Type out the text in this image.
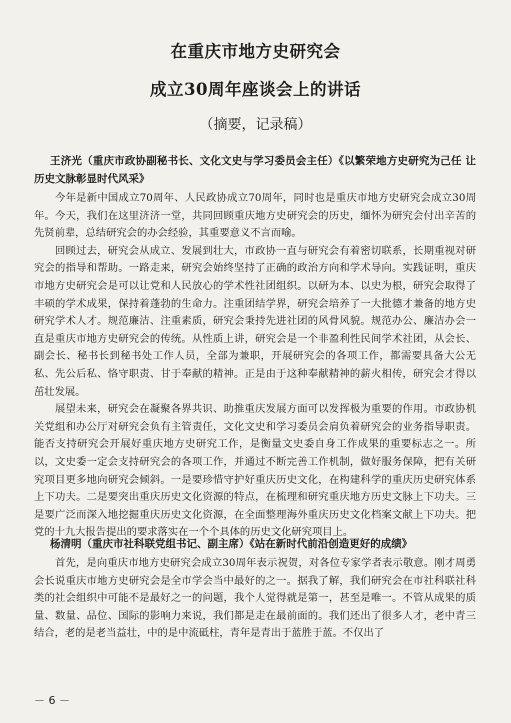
在重庆市地方史研究会
成立30周年座谈会上的讲话
（摘要，记录稿）

王济光（重庆市政协副秘书长、文化文史与学习委员会主任）《以繁荣地方史研究为己任 让历史文脉彰显时代风采》

今年是新中国成立70周年、人民政协成立70周年，同时也是重庆市地方史研究会成立30周年。今天，我们在这里济济一堂，共同回顾重庆地方史研究会的历史，缅怀为研究会付出辛苦的先贤前辈，总结研究会的办会经验，其重要意义不言而喻。

回顾过去，研究会从成立、发展到壮大，市政协一直与研究会有着密切联系，长期重视对研究会的指导和帮助。一路走来，研究会始终坚持了正确的政治方向和学术导向。实践证明，重庆市地方史研究会是可以让党和人民放心的学术性社团组织。以研为本、以史为根，研究会取得了丰硕的学术成果，保持着蓬勃的生命力。注重团结学界，研究会培养了一大批德才兼备的地方史研究学术人才。规范廉洁、注重素质，研究会秉持先进社团的风骨风貌。规范办公、廉洁办会一直是重庆市地方史研究会的传统。从性质上讲，研究会是一个非盈利性民间学术社团，从会长、副会长、秘书长到秘书处工作人员，全部为兼职，开展研究会的各项工作，都需要具备大公无私、先公后私、恪守职责、甘于奉献的精神。正是由于这种奉献精神的薪火相传，研究会才得以茁壮发展。

展望未来，研究会在凝聚各界共识、助推重庆发展方面可以发挥极为重要的作用。市政协机关党组和办公厅对研究会负有主管责任，文化文史和学习委员会肩负着研究会的业务指导职责。能否支持研究会开展好重庆地方史研究工作，是衡量文史委自身工作成果的重要标志之一。所以，文史委一定会支持研究会的各项工作，并通过不断完善工作机制，做好服务保障，把有关研究项目更多地向研究会倾斜。一是要珍惜守护好重庆历史文化，在构建科学的重庆历史研究体系上下功夫。二是要突出重庆历史文化资源的特点，在梳理和研究重庆地方历史文脉上下功夫。三是要广泛而深入地挖掘重庆历史文化资源，在全面整理海外重庆历史文化档案文献上下功夫。把党的十九大报告提出的要求落实在一个个具体的历史文化研究项目上。

杨清明（重庆市社科联党组书记、副主席）《站在新时代前沿创造更好的成绩》

首先，是向重庆市地方史研究会成立30周年表示祝贺，对各位专家学者表示敬意。刚才周勇会长说重庆市地方史研究会是全市学会当中最好的之一。据我了解，我们研究会在市社科联社科类的社会组织中可能不是最好之一的问题，我个人觉得就是第一，甚至是唯一。不管从成果的质量、数量、品位、国际的影响力来说，我们都是走在最前面的。我们还出了很多人才，老中青三结合，老的是老当益壮，中的是中流砥柱，青年是青出于蓝胜于蓝。不仅出了

－ 6 －
